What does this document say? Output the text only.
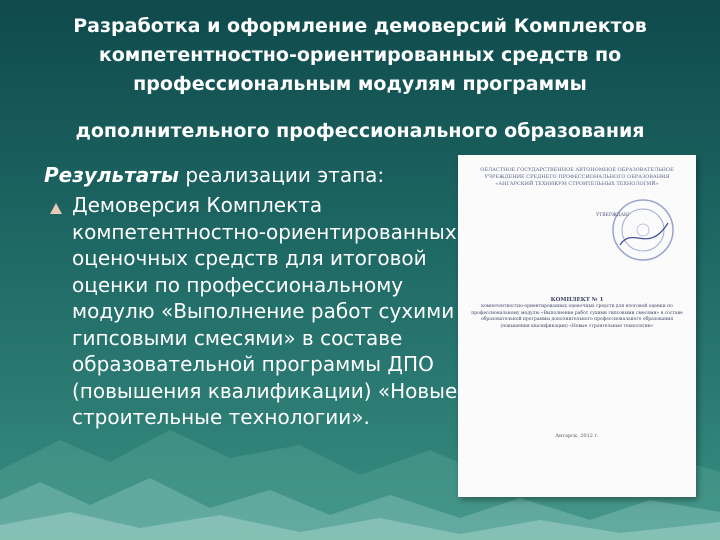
Разработка и оформление демоверсий Комплектов компетентностно-ориентированных средств по профессиональным модулям программы
дополнительного профессионального образования
Результаты реализации этапа:
Демоверсия Комплекта компетентностно-ориентированных оценочных средств для итоговой оценки по профессиональному модулю «Выполнение работ сухими гипсовыми смесями» в составе образовательной программы ДПО (повышения квалификации) «Новые строительные технологии».
ОБЛАСТНОЕ ГОСУДАРСТВЕННОЕ АВТОНОМНОЕ ОБРАЗОВАТЕЛЬНОЕ УЧРЕЖДЕНИЕ СРЕДНЕГО ПРОФЕССИОНАЛЬНОГО ОБРАЗОВАНИЯ «АНГАРСКИЙ ТЕХНИКУМ СТРОИТЕЛЬНЫХ ТЕХНОЛОГИЙ»
УТВЕРЖДАЮ
КОМПЛЕКТ № 1
компетентностно-ориентированных оценочных средств для итоговой оценки по профессиональному модулю «Выполнение работ сухими гипсовыми смесями» в составе образовательной программы дополнительного профессионального образования (повышения квалификации) «Новые строительные технологии»
Ангарск, 2012 г.
